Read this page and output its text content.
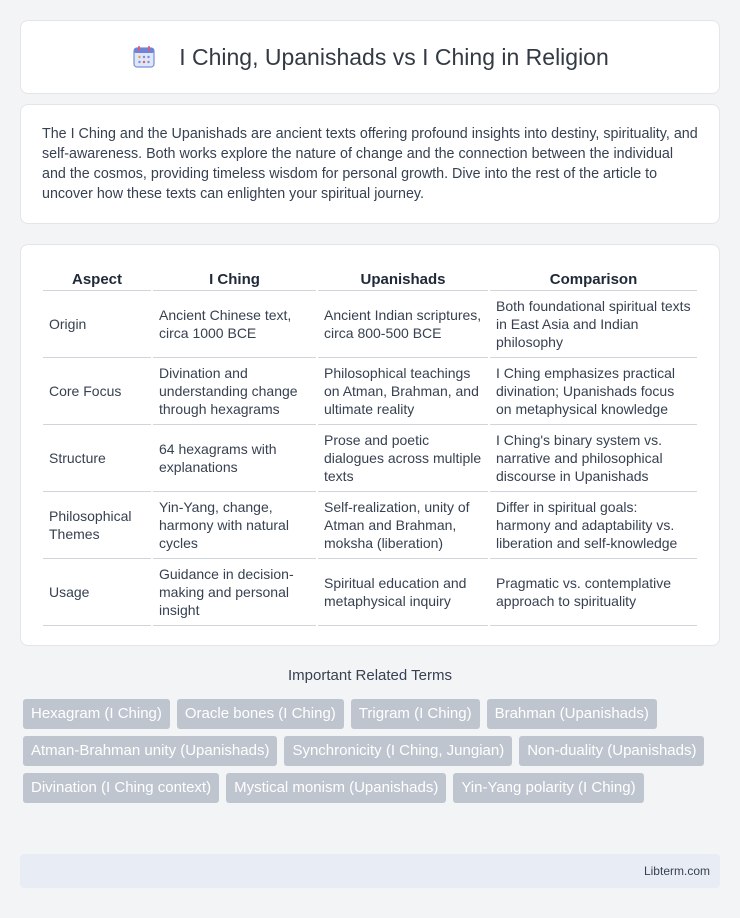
I Ching, Upanishads vs I Ching in Religion

The I Ching and the Upanishads are ancient texts offering profound insights into destiny, spirituality, and self-awareness. Both works explore the nature of change and the connection between the individual and the cosmos, providing timeless wisdom for personal growth. Dive into the rest of the article to uncover how these texts can enlighten your spiritual journey.

Aspect	I Ching	Upanishads	Comparison
Origin	Ancient Chinese text, circa 1000 BCE	Ancient Indian scriptures, circa 800-500 BCE	Both foundational spiritual texts in East Asia and Indian philosophy
Core Focus	Divination and understanding change through hexagrams	Philosophical teachings on Atman, Brahman, and ultimate reality	I Ching emphasizes practical divination; Upanishads focus on metaphysical knowledge
Structure	64 hexagrams with explanations	Prose and poetic dialogues across multiple texts	I Ching's binary system vs. narrative and philosophical discourse in Upanishads
Philosophical Themes	Yin-Yang, change, harmony with natural cycles	Self-realization, unity of Atman and Brahman, moksha (liberation)	Differ in spiritual goals: harmony and adaptability vs. liberation and self-knowledge
Usage	Guidance in decision-making and personal insight	Spiritual education and metaphysical inquiry	Pragmatic vs. contemplative approach to spirituality
Important Related Terms
Hexagram (I Ching)	Oracle bones (I Ching)	Trigram (I Ching)	Brahman (Upanishads)
Atman-Brahman unity (Upanishads)	Synchronicity (I Ching, Jungian)	Non-duality (Upanishads)
Divination (I Ching context)	Mystical monism (Upanishads)	Yin-Yang polarity (I Ching)
Libterm.com
